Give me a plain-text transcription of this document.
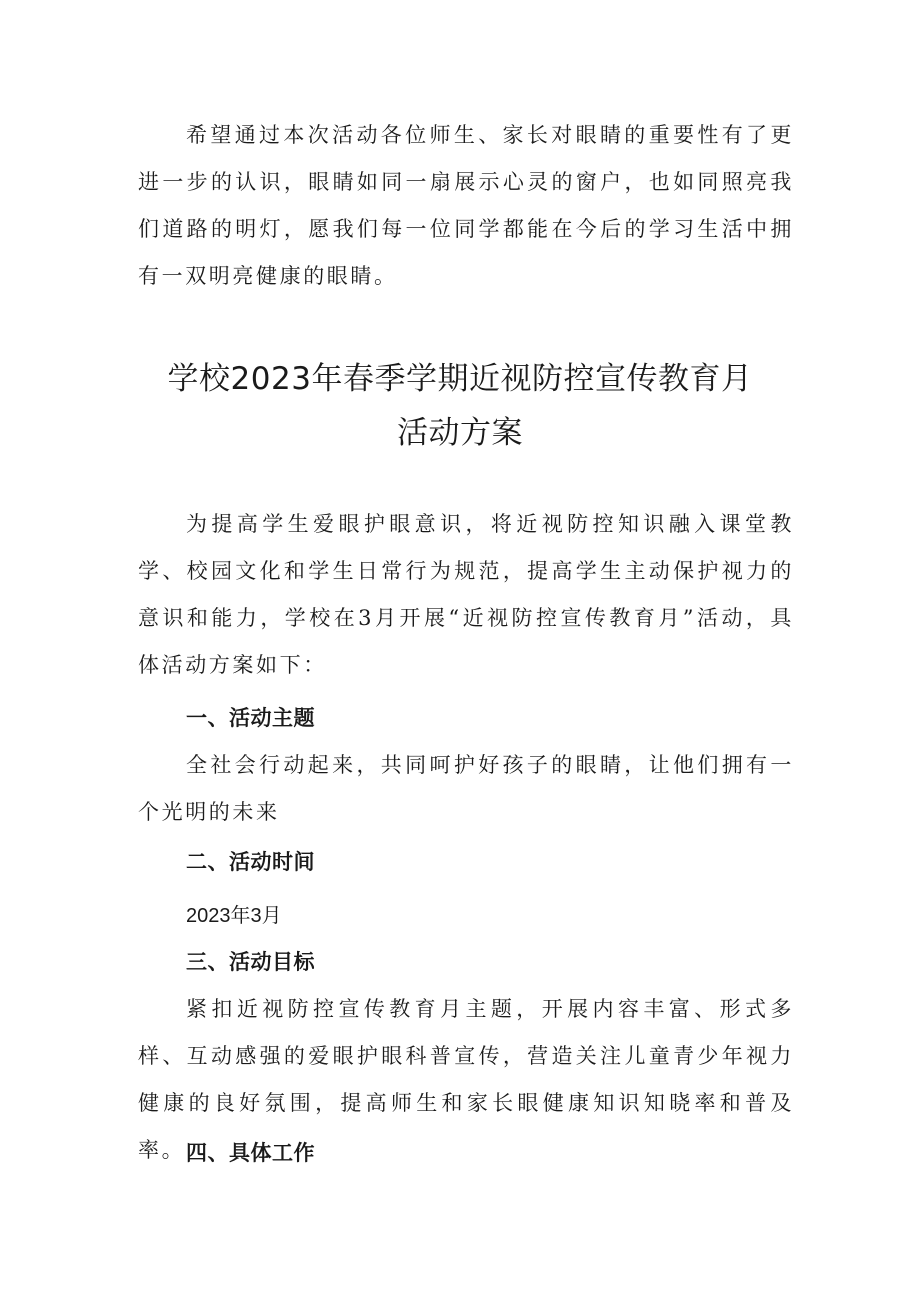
希望通过本次活动各位师生、家长对眼睛的重要性有了更进一步的认识，眼睛如同一扇展示心灵的窗户，也如同照亮我们道路的明灯，愿我们每一位同学都能在今后的学习生活中拥有一双明亮健康的眼睛。

学校2023年春季学期近视防控宣传教育月
活动方案

为提高学生爱眼护眼意识，将近视防控知识融入课堂教学、校园文化和学生日常行为规范，提高学生主动保护视力的意识和能力，学校在3月开展“近视防控宣传教育月”活动，具体活动方案如下：

一、活动主题

全社会行动起来，共同呵护好孩子的眼睛，让他们拥有一个光明的未来

二、活动时间

2023年3月

三、活动目标

紧扣近视防控宣传教育月主题，开展内容丰富、形式多样、互动感强的爱眼护眼科普宣传，营造关注儿童青少年视力健康的良好氛围，提高师生和家长眼健康知识知晓率和普及率。 四、具体工作
